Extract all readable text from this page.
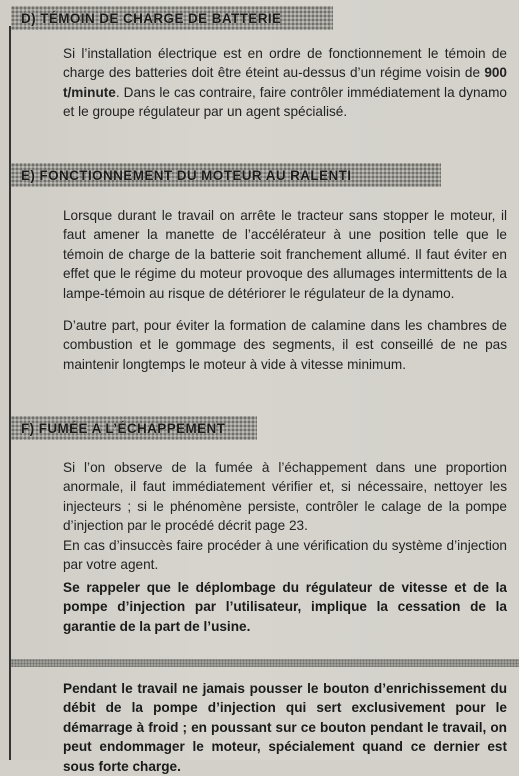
D) TÉMOIN DE CHARGE DE BATTERIE

Si l’installation électrique est en ordre de fonctionnement le témoin de charge des batteries doit être éteint au-dessus d’un régime voisin de 900 t/minute. Dans le cas contraire, faire contrôler immédiatement la dynamo et le groupe régulateur par un agent spécialisé.

E) FONCTIONNEMENT DU MOTEUR AU RALENTI

Lorsque durant le travail on arrête le tracteur sans stopper le moteur, il faut amener la manette de l’accélérateur à une position telle que le témoin de charge de la batterie soit franchement allumé. Il faut éviter en effet que le régime du moteur provoque des allumages intermittents de la lampe-témoin au risque de détériorer le régulateur de la dynamo.

D’autre part, pour éviter la formation de calamine dans les chambres de combustion et le gommage des segments, il est conseillé de ne pas maintenir longtemps le moteur à vide à vitesse minimum.

F) FUMÉE A L’ÉCHAPPEMENT

Si l’on observe de la fumée à l’échappement dans une proportion anormale, il faut immédiatement vérifier et, si nécessaire, nettoyer les injecteurs ; si le phénomène persiste, contrôler le calage de la pompe d’injection par le procédé décrit page 23.

En cas d’insuccès faire procéder à une vérification du système d’injection par votre agent.

Se rappeler que le déplombage du régulateur de vitesse et de la pompe d’injection par l’utilisateur, implique la cessation de la garantie de la part de l’usine.

Pendant le travail ne jamais pousser le bouton d’enrichissement du débit de la pompe d’injection qui sert exclusivement pour le démarrage à froid ; en poussant sur ce bouton pendant le travail, on peut endommager le moteur, spécialement quand ce dernier est sous forte charge.
